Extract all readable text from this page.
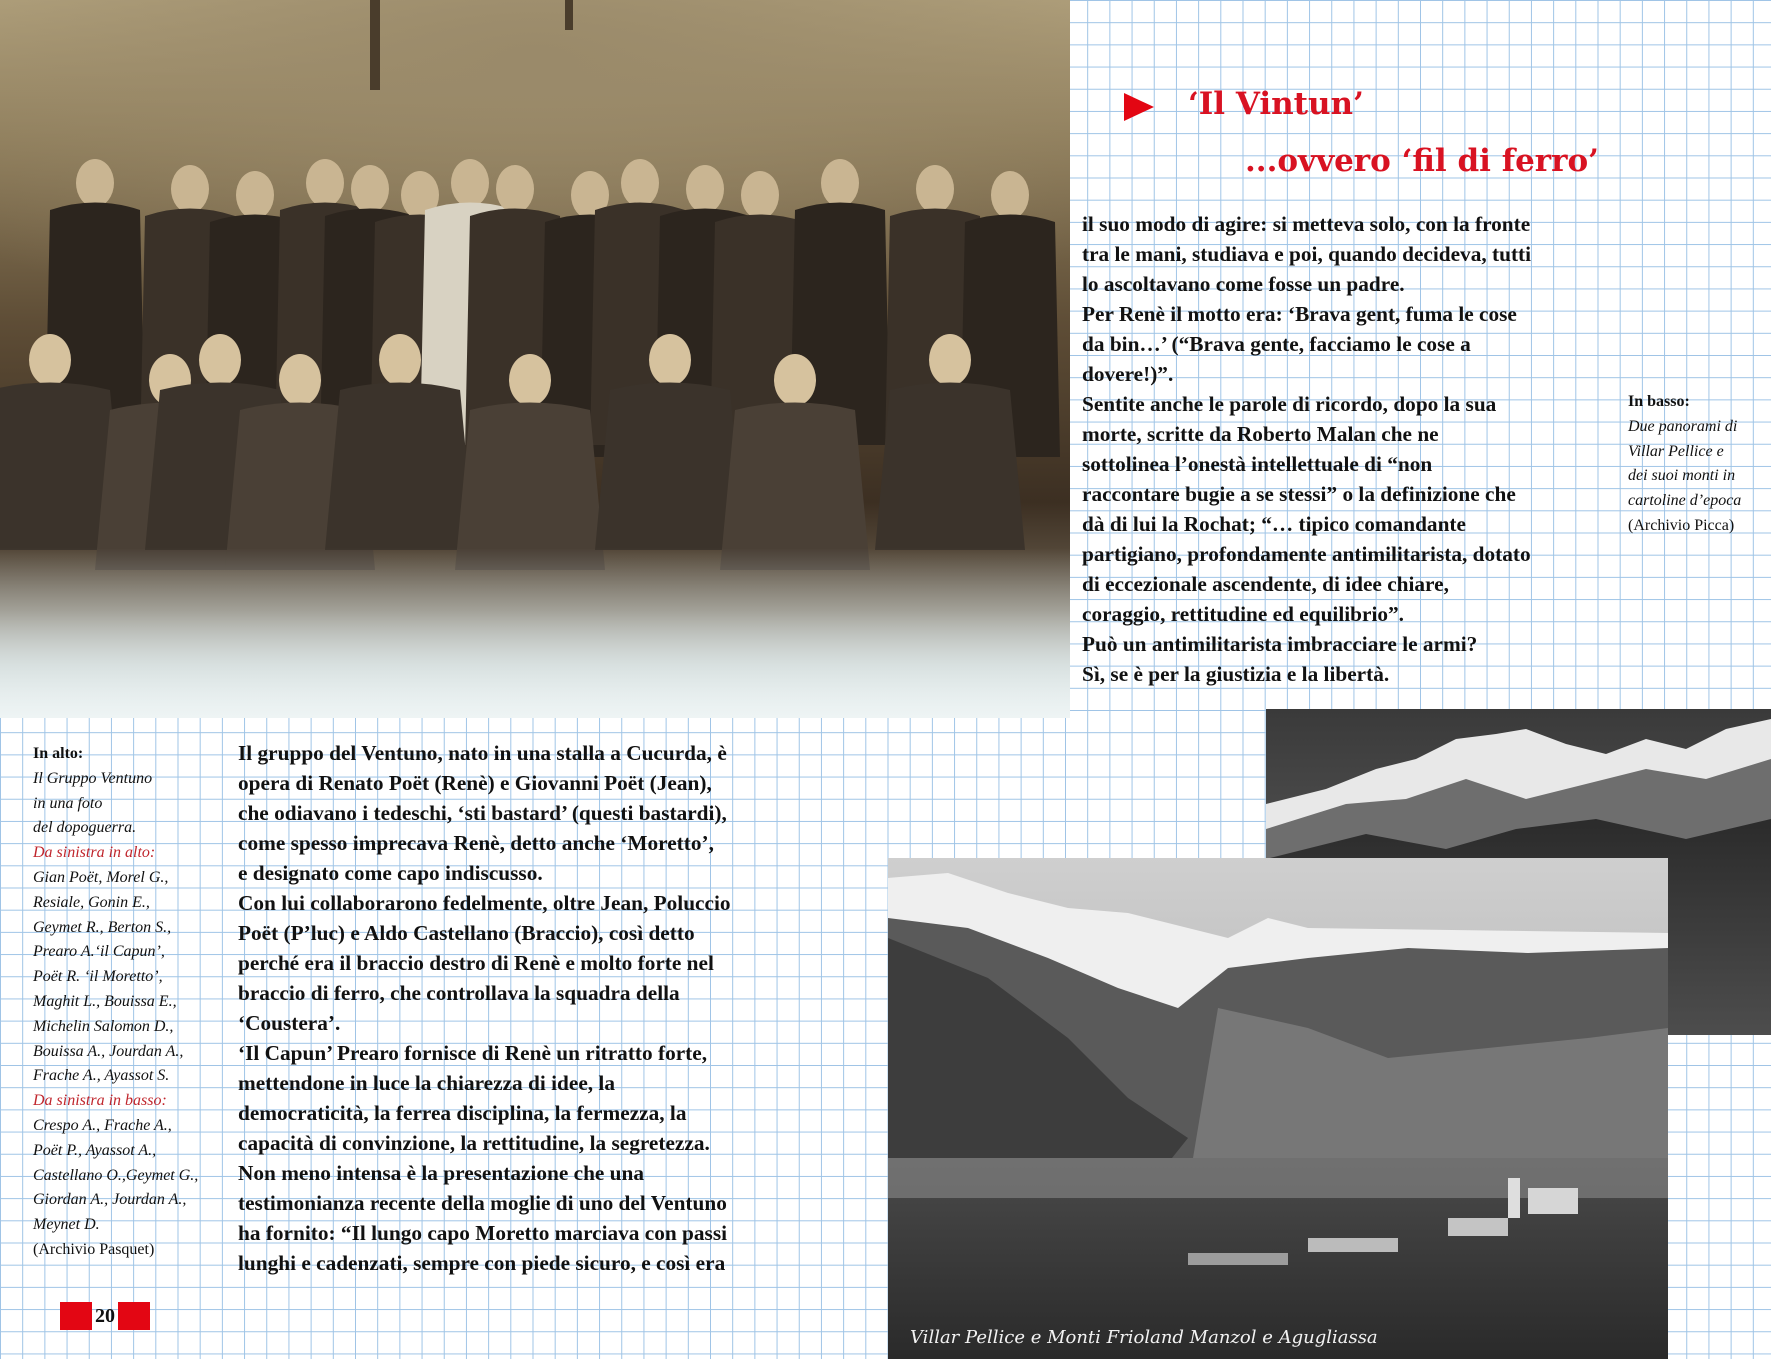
‘Il Vintun’
...ovvero ‘fil di ferro’
il suo modo di agire: si metteva solo, con la fronte
tra le mani, studiava e poi, quando decideva, tutti
lo ascoltavano come fosse un padre.
Per Renè il motto era: ‘Brava gent, fuma le cose
da bin…’ (“Brava gente, facciamo le cose a
dovere!)”.
Sentite anche le parole di ricordo, dopo la sua
morte, scritte da Roberto Malan che ne
sottolinea l’onestà intellettuale di “non
raccontare bugie a se stessi” o la definizione che
dà di lui la Rochat; “… tipico comandante
partigiano, profondamente antimilitarista, dotato
di eccezionale ascendente, di idee chiare,
coraggio, rettitudine ed equilibrio”.
Può un antimilitarista imbracciare le armi?
Sì, se è per la giustizia e la libertà.
In basso:
Due panorami di
Villar Pellice e
dei suoi monti in
cartoline d’epoca
(Archivio Picca)
In alto:
Il Gruppo Ventuno
in una foto
del dopoguerra.
Da sinistra in alto:
Gian Poët, Morel G.,
Resiale, Gonin E.,
Geymet R., Berton S.,
Prearo A.‘il Capun’,
Poët R. ‘il Moretto’,
Maghit L., Bouissa E.,
Michelin Salomon D.,
Bouissa A., Jourdan A.,
Frache A., Ayassot S.
Da sinistra in basso:
Crespo A., Frache A.,
Poët P., Ayassot A.,
Castellano O.,Geymet G.,
Giordan A., Jourdan A.,
Meynet D.
(Archivio Pasquet)
Il gruppo del Ventuno, nato in una stalla a Cucurda, è
opera di Renato Poët (Renè) e Giovanni Poët (Jean),
che odiavano i tedeschi, ‘sti bastard’ (questi bastardi),
come spesso imprecava Renè, detto anche ‘Moretto’,
e designato come capo indiscusso.
Con lui collaborarono fedelmente, oltre Jean, Poluccio
Poët (P’luc) e Aldo Castellano (Braccio), così detto
perché era il braccio destro di Renè e molto forte nel
braccio di ferro, che controllava la squadra della
‘Coustera’.
‘Il Capun’ Prearo fornisce di Renè un ritratto forte,
mettendone in luce la chiarezza di idee, la
democraticità, la ferrea disciplina, la fermezza, la
capacità di convinzione, la rettitudine, la segretezza.
Non meno intensa è la presentazione che una
testimonianza recente della moglie di uno del Ventuno
ha fornito: “Il lungo capo Moretto marciava con passi
lunghi e cadenzati, sempre con piede sicuro, e così era
Villar Pellice e Monti Frioland Manzol e Agugliassa
20
